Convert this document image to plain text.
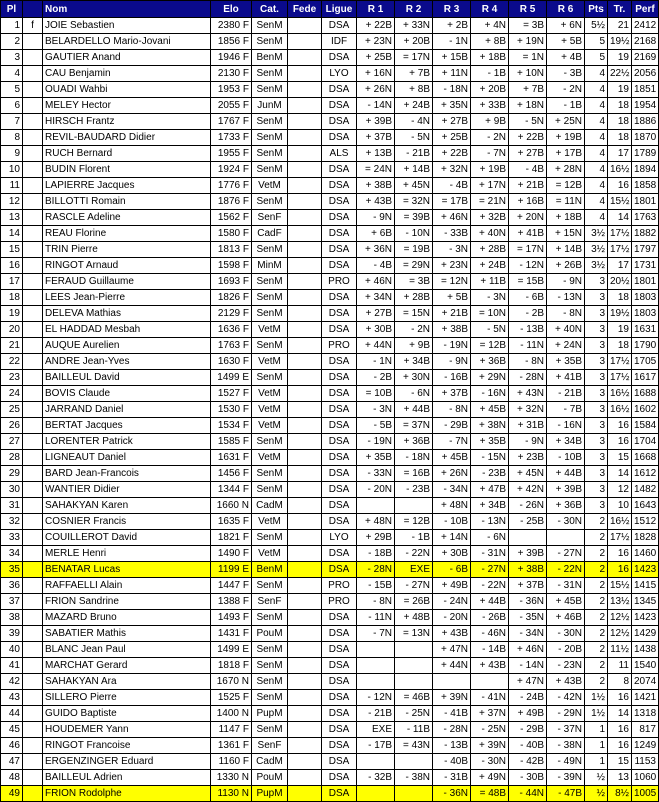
Pl		Nom	Elo	Cat.	Fede	Ligue	R 1	R 2	R 3	R 4	R 5	R 6	Pts	Tr.	Perf
1	f	JOIE Sebastien	2380 F	SenM		DSA	+ 22B	+ 33N	+ 2B	+ 4N	= 3B	+ 6N	5½	21	2412
2		BELARDELLO Mario-Jovani	1856 F	SenM		IDF	+ 23N	+ 20B	- 1N	+ 8B	+ 19N	+ 5B	5	19½	2168
3		GAUTIER Anand	1946 F	BenM		DSA	+ 25B	= 17N	+ 15B	+ 18B	= 1N	+ 4B	5	19	2169
4		CAU Benjamin	2130 F	SenM		LYO	+ 16N	+ 7B	+ 11N	- 1B	+ 10N	- 3B	4	22½	2056
5		OUADI Wahbi	1953 F	SenM		DSA	+ 26N	+ 8B	- 18N	+ 20B	+ 7B	- 2N	4	19	1851
6		MELEY Hector	2055 F	JunM		DSA	- 14N	+ 24B	+ 35N	+ 33B	+ 18N	- 1B	4	18	1954
7		HIRSCH Frantz	1767 F	SenM		DSA	+ 39B	- 4N	+ 27B	+ 9B	- 5N	+ 25N	4	18	1886
8		REVIL-BAUDARD Didier	1733 F	SenM		DSA	+ 37B	- 5N	+ 25B	- 2N	+ 22B	+ 19B	4	18	1870
9		RUCH Bernard	1955 F	SenM		ALS	+ 13B	- 21B	+ 22B	- 7N	+ 27B	+ 17B	4	17	1789
10		BUDIN Florent	1924 F	SenM		DSA	= 24N	+ 14B	+ 32N	+ 19B	- 4B	+ 28N	4	16½	1894
11		LAPIERRE Jacques	1776 F	VetM		DSA	+ 38B	+ 45N	- 4B	+ 17N	+ 21B	= 12B	4	16	1858
12		BILLOTTI Romain	1876 F	SenM		DSA	+ 43B	= 32N	= 17B	= 21N	+ 16B	= 11N	4	15½	1801
13		RASCLE Adeline	1562 F	SenF		DSA	- 9N	= 39B	+ 46N	+ 32B	+ 20N	+ 18B	4	14	1763
14		REAU Florine	1580 F	CadF		DSA	+ 6B	- 10N	- 33B	+ 40N	+ 41B	+ 15N	3½	17½	1882
15		TRIN Pierre	1813 F	SenM		DSA	+ 36N	= 19B	- 3N	+ 28B	= 17N	+ 14B	3½	17½	1797
16		RINGOT Arnaud	1598 F	MinM		DSA	- 4B	= 29N	+ 23N	+ 24B	- 12N	+ 26B	3½	17	1731
17		FERAUD Guillaume	1693 F	SenM		PRO	+ 46N	= 3B	= 12N	+ 11B	= 15B	- 9N	3	20½	1801
18		LEES Jean-Pierre	1826 F	SenM		DSA	+ 34N	+ 28B	+ 5B	- 3N	- 6B	- 13N	3	18	1803
19		DELEVA Mathias	2129 F	SenM		DSA	+ 27B	= 15N	+ 21B	= 10N	- 2B	- 8N	3	19½	1803
20		EL HADDAD Mesbah	1636 F	VetM		DSA	+ 30B	- 2N	+ 38B	- 5N	- 13B	+ 40N	3	19	1631
21		AUQUE Aurelien	1763 F	SenM		PRO	+ 44N	+ 9B	- 19N	= 12B	- 11N	+ 24N	3	18	1790
22		ANDRE Jean-Yves	1630 F	VetM		DSA	- 1N	+ 34B	- 9N	+ 36B	- 8N	+ 35B	3	17½	1705
23		BAILLEUL David	1499 E	SenM		DSA	- 2B	+ 30N	- 16B	+ 29N	- 28N	+ 41B	3	17½	1617
24		BOVIS Claude	1527 F	VetM		DSA	= 10B	- 6N	+ 37B	- 16N	+ 43N	- 21B	3	16½	1688
25		JARRAND Daniel	1530 F	VetM		DSA	- 3N	+ 44B	- 8N	+ 45B	+ 32N	- 7B	3	16½	1602
26		BERTAT Jacques	1534 F	VetM		DSA	- 5B	= 37N	- 29B	+ 38N	+ 31B	- 16N	3	16	1584
27		LORENTER Patrick	1585 F	SenM		DSA	- 19N	+ 36B	- 7N	+ 35B	- 9N	+ 34B	3	16	1704
28		LIGNEAUT Daniel	1631 F	VetM		DSA	+ 35B	- 18N	+ 45B	- 15N	+ 23B	- 10B	3	15	1668
29		BARD Jean-Francois	1456 F	SenM		DSA	- 33N	= 16B	+ 26N	- 23B	+ 45N	+ 44B	3	14	1612
30		WANTIER Didier	1344 F	SenM		DSA	- 20N	- 23B	- 34N	+ 47B	+ 42N	+ 39B	3	12	1482
31		SAHAKYAN Karen	1660 N	CadM		DSA			+ 48N	+ 34B	- 26N	+ 36B	3	10	1643
32		COSNIER Francis	1635 F	VetM		DSA	+ 48N	= 12B	- 10B	- 13N	- 25B	- 30N	2	16½	1512
33		COUILLEROT David	1821 F	SenM		LYO	+ 29B	- 1B	+ 14N	- 6N			2	17½	1828
34		MERLE Henri	1490 F	VetM		DSA	- 18B	- 22N	+ 30B	- 31N	+ 39B	- 27N	2	16	1460
35		BENATAR Lucas	1199 E	BenM		DSA	- 28N	EXE	- 6B	- 27N	+ 38B	- 22N	2	16	1423
36		RAFFAELLI Alain	1447 F	SenM		PRO	- 15B	- 27N	+ 49B	- 22N	+ 37B	- 31N	2	15½	1415
37		FRION Sandrine	1388 F	SenF		PRO	- 8N	= 26B	- 24N	+ 44B	- 36N	+ 45B	2	13½	1345
38		MAZARD Bruno	1493 F	SenM		DSA	- 11N	+ 48B	- 20N	- 26B	- 35N	+ 46B	2	12½	1423
39		SABATIER Mathis	1431 F	PouM		DSA	- 7N	= 13N	+ 43B	- 46N	- 34N	- 30N	2	12½	1429
40		BLANC Jean Paul	1499 E	SenM		DSA			+ 47N	- 14B	+ 46N	- 20B	2	11½	1438
41		MARCHAT Gerard	1818 F	SenM		DSA			+ 44N	+ 43B	- 14N	- 23N	2	11	1540
42		SAHAKYAN Ara	1670 N	SenM		DSA					+ 47N	+ 43B	2	8	2074
43		SILLERO Pierre	1525 F	SenM		DSA	- 12N	= 46B	+ 39N	- 41N	- 24B	- 42N	1½	16	1421
44		GUIDO Baptiste	1400 N	PupM		DSA	- 21B	- 25N	- 41B	+ 37N	+ 49B	- 29N	1½	14	1318
45		HOUDEMER Yann	1147 F	SenM		DSA	EXE	- 11B	- 28N	- 25N	- 29B	- 37N	1	16	817
46		RINGOT Francoise	1361 F	SenF		DSA	- 17B	= 43N	- 13B	+ 39N	- 40B	- 38N	1	16	1249
47		ERGENZINGER Eduard	1160 F	CadM		DSA			- 40B	- 30N	- 42B	- 49N	1	15	1153
48		BAILLEUL Adrien	1330 N	PouM		DSA	- 32B	- 38N	- 31B	+ 49N	- 30B	- 39N	½	13	1060
49		FRION Rodolphe	1130 N	PupM		DSA			- 36N	= 48B	- 44N	- 47B	½	8½	1005
